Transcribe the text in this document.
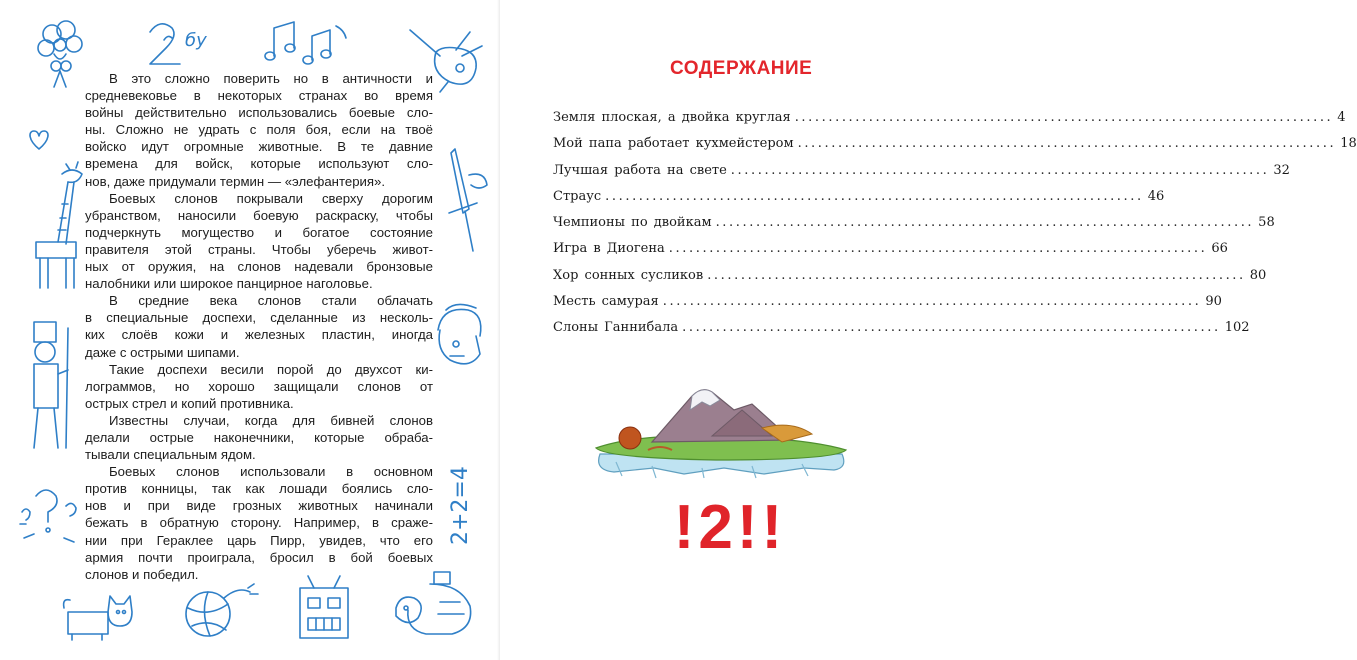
В это сложно поверить но в античности и
средневековье в некоторых странах во время
войны действительно использовались боевые сло-
ны. Сложно не удрать с поля боя, если на твоё
войско идут огромные животные. В те давние
времена для войск, которые используют сло-
нов, даже придумали термин — «элефантерия».
Боевых слонов покрывали сверху дорогим
убранством, наносили боевую раскраску, чтобы
подчеркнуть могущество и богатое состояние
правителя этой страны. Чтобы уберечь живот-
ных от оружия, на слонов надевали бронзовые
налобники или широкое панцирное наголовье.
В средние века слонов стали облачать
в специальные доспехи, сделанные из несколь-
ких слоёв кожи и железных пластин, иногда
даже с острыми шипами.
Такие доспехи весили порой до двухсот ки-
лограммов, но хорошо защищали слонов от
острых стрел и копий противника.
Известны случаи, когда для бивней слонов
делали острые наконечники, которые обраба-
тывали специальным ядом.
Боевых слонов использовали в основном
против конницы, так как лошади боялись сло-
нов и при виде грозных животных начинали
бежать в обратную сторону. Например, в сраже-
нии при Гераклее царь Пирр, увидев, что его
армия почти проиграла, бросил в бой боевых
слонов и победил.
бу
2+2=4
СОДЕРЖАНИЕ
Земля плоская, а двойка круглая ................................................................................ 4
Мой папа работает кухмейстером ................................................................................ 18
Лучшая работа на свете ................................................................................ 32
Страус ................................................................................ 46
Чемпионы по двойкам ................................................................................ 58
Игра в Диогена ................................................................................ 66
Хор сонных сусликов ................................................................................ 80
Месть самурая ................................................................................ 90
Слоны Ганнибала ................................................................................ 102
!2!!
